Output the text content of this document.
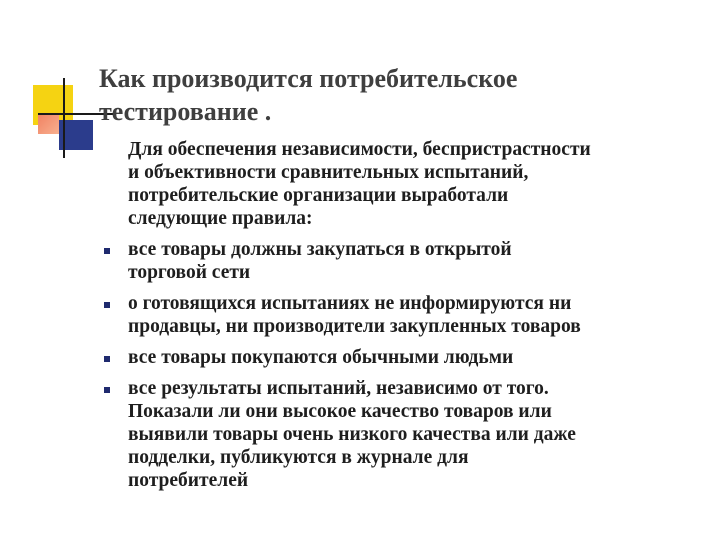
Как производится потребительское
тестирование .
Для обеспечения независимости, беспристрастности
и объективности сравнительных испытаний,
потребительские организации выработали
следующие правила:
все товары должны закупаться в открытой
торговой сети
о готовящихся испытаниях не информируются ни
продавцы, ни производители закупленных товаров
все товары покупаются обычными людьми
все результаты испытаний, независимо от того.
Показали ли они высокое качество товаров или
выявили товары очень низкого качества или даже
подделки, публикуются в журнале для
потребителей
